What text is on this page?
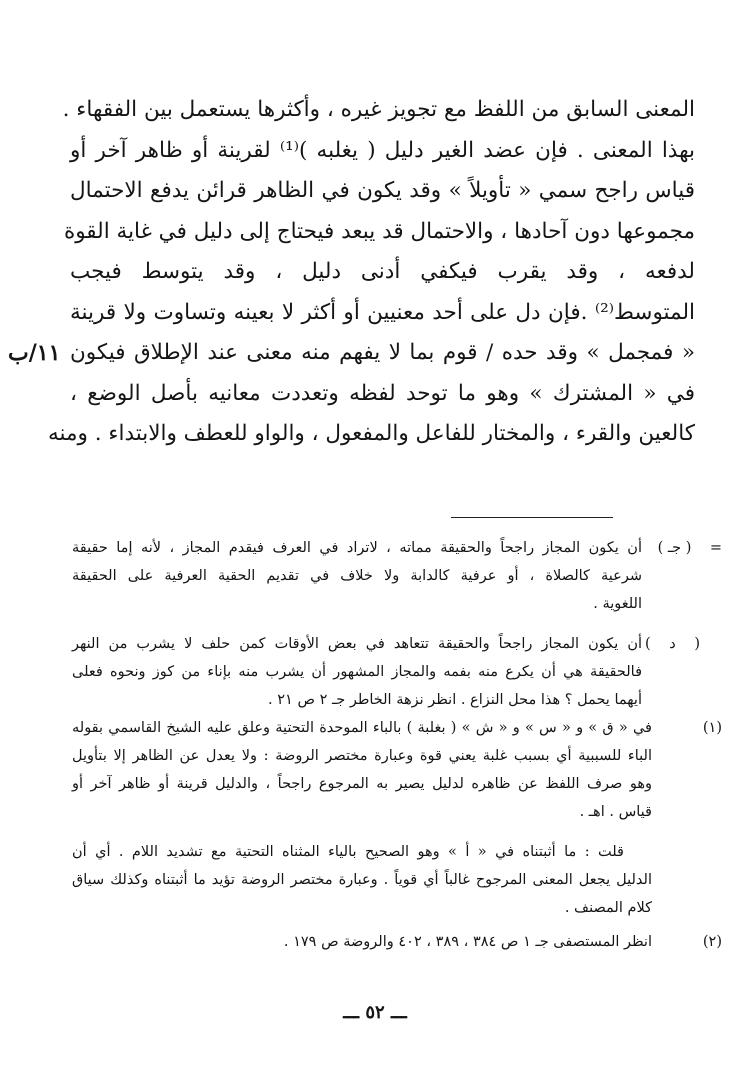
المعنى السابق من اللفظ مع تجويز غيره ، وأكثرها يستعمل بين الفقهاء .
بهذا المعنى . فإن عضد الغير دليل ( يغلبه )⁽¹⁾ لقرينة أو ظاهر آخر أو
قياس راجح سمي « تأويلاً » وقد يكون في الظاهر قرائن يدفع الاحتمال
مجموعها دون آحادها ، والاحتمال قد يبعد فيحتاج إلى دليل في غاية القوة
لدفعه ، وقد يقرب فيكفي أدنى دليل ، وقد يتوسط فيجب
المتوسط⁽²⁾ .فإن دل على أحد معنيين أو أكثر لا بعينه وتساوت ولا قرينة
« فمجمل » وقد حده / قوم بما لا يفهم منه معنى عند الإطلاق فيكون
١١/ب
في « المشترك » وهو ما توحد لفظه وتعددت معانيه بأصل الوضع ،
كالعين والقرء ، والمختار للفاعل والمفعول ، والواو للعطف والابتداء . ومنه
=    ( جـ )
أن يكون المجاز راجحاً والحقيقة مماته ، لاتراد في العرف فيقدم المجاز ، لأنه إما حقيقة
شرعية كالصلاة ، أو عرفية كالدابة ولا خلاف في تقديم الحقية العرفية على الحقيقة
اللغوية .
( د )
أن يكون المجاز راجحاً والحقيقة تتعاهد في بعض الأوقات كمن حلف لا يشرب من النهر
فالحقيقة هي أن يكرع منه بفمه والمجاز المشهور أن يشرب منه بإناء من كوز ونحوه فعلى
أيهما يحمل ؟ هذا محل النزاع . انظر نزهة الخاطر جـ ٢ ص ٢١ .
(١)
في « ق » و « س » و « ش » ( بغلبة ) بالباء الموحدة التحتية وعلق عليه الشيخ القاسمي بقوله
الباء للسببية أي بسبب غلبة يعني قوة وعبارة مختصر الروضة : ولا يعدل عن الظاهر إلا بتأويل
وهو صرف اللفظ عن ظاهره لدليل يصير به المرجوع راجحاً ، والدليل قرينة أو ظاهر آخر أو
قياس . اهـ .
قلت : ما أثبتناه في « أ » وهو الصحيح بالياء المثناه التحتية مع تشديد اللام . أي أن
الدليل يجعل المعنى المرجوح غالباً أي قوياً . وعبارة مختصر الروضة تؤيد ما أثبتناه وكذلك سياق
كلام المصنف .
(٢)
انظر المستصفى جـ ١ ص ٣٨٤ ، ٣٨٩ ، ٤٠٢ والروضة ص ١٧٩ .
ـــ ٥٢ ـــ
